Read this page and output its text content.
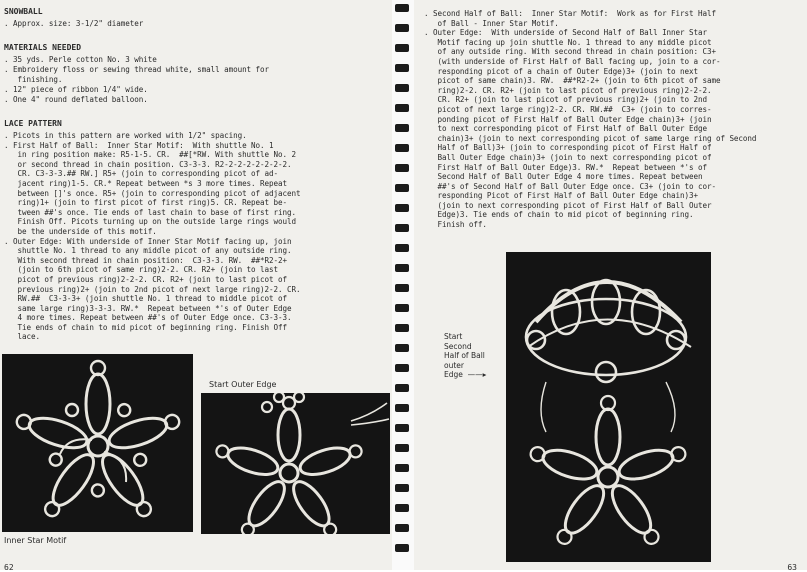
SNOWBALL
. Approx. size: 3-1/2" diameter
MATERIALS NEEDED
. 35 yds. Perle cotton No. 3 white
. Embroidery floss or sewing thread white, small amount for
finishing.
. 12" piece of ribbon 1/4" wide.
. One 4" round deflated balloon.
LACE PATTERN
. Picots in this pattern are worked with 1/2" spacing.
. First Half of Ball:  Inner Star Motif:  With shuttle No. 1
in ring position make: R5-1-5. CR.  ##[*RW. With shuttle No. 2
or second thread in chain position. C3-3-3. R2-2-2-2-2-2-2-2.
CR. C3-3-3.## RW.] R5+ (join to corresponding picot of ad-
jacent ring)1-5. CR.* Repeat between *s 3 more times. Repeat
between []'s once. R5+ (join to corresponding picot of adjacent
ring)1+ (join to first picot of first ring)5. CR. Repeat be-
tween ##'s once. Tie ends of last chain to base of first ring.
Finish Off. Picots turning up on the outside large rings would
be the underside of this motif.
. Outer Edge: With underside of Inner Star Motif facing up, join
shuttle No. 1 thread to any middle picot of any outside ring.
With second thread in chain position:  C3-3-3. RW.  ##*R2-2+
(join to 6th picot of same ring)2-2. CR. R2+ (join to last
picot of previous ring)2-2-2. CR. R2+ (join to last picot of
previous ring)2+ (join to 2nd picot of next large ring)2-2. CR.
RW.##  C3-3-3+ (join shuttle No. 1 thread to middle picot of
same large ring)3-3-3. RW.*  Repeat between *'s of Outer Edge
4 more times. Repeat between ##'s of Outer Edge once. C3-3-3.
Tie ends of chain to mid picot of beginning ring. Finish Off
lace.
Start Outer Edge
Inner Star Motif
62
. Second Half of Ball:  Inner Star Motif:  Work as for First Half
of Ball - Inner Star Motif.
. Outer Edge:  With underside of Second Half of Ball Inner Star
Motif facing up join shuttle No. 1 thread to any middle picot
of any outside ring. With second thread in chain position: C3+
(with underside of First Half of Ball facing up, join to a cor-
responding picot of a chain of Outer Edge)3+ (join to next
picot of same chain)3. RW.  ##*R2-2+ (join to 6th picot of same
ring)2-2. CR. R2+ (join to last picot of previous ring)2-2-2.
CR. R2+ (join to last picot of previous ring)2+ (join to 2nd
picot of next large ring)2-2. CR. RW.##  C3+ (join to corres-
ponding picot of First Half of Ball Outer Edge chain)3+ (join
to next corresponding picot of First Half of Ball Outer Edge
chain)3+ (join to next corresponding picot of same large ring of Second
Half of Ball)3+ (join to corresponding picot of First Half of
Ball Outer Edge chain)3+ (join to next corresponding picot of
First Half of Ball Outer Edge)3. RW.*  Repeat between *'s of
Second Half of Ball Outer Edge 4 more times. Repeat between
##'s of Second Half of Ball Outer Edge once. C3+ (join to cor-
responding Picot of First Half of Ball Outer Edge chain)3+
(join to next corresponding picot of First Half of Ball Outer
Edge)3. Tie ends of chain to mid picot of beginning ring.
Finish off.
Start
Second
Half of Ball
outer
Edge  ——▸
63
